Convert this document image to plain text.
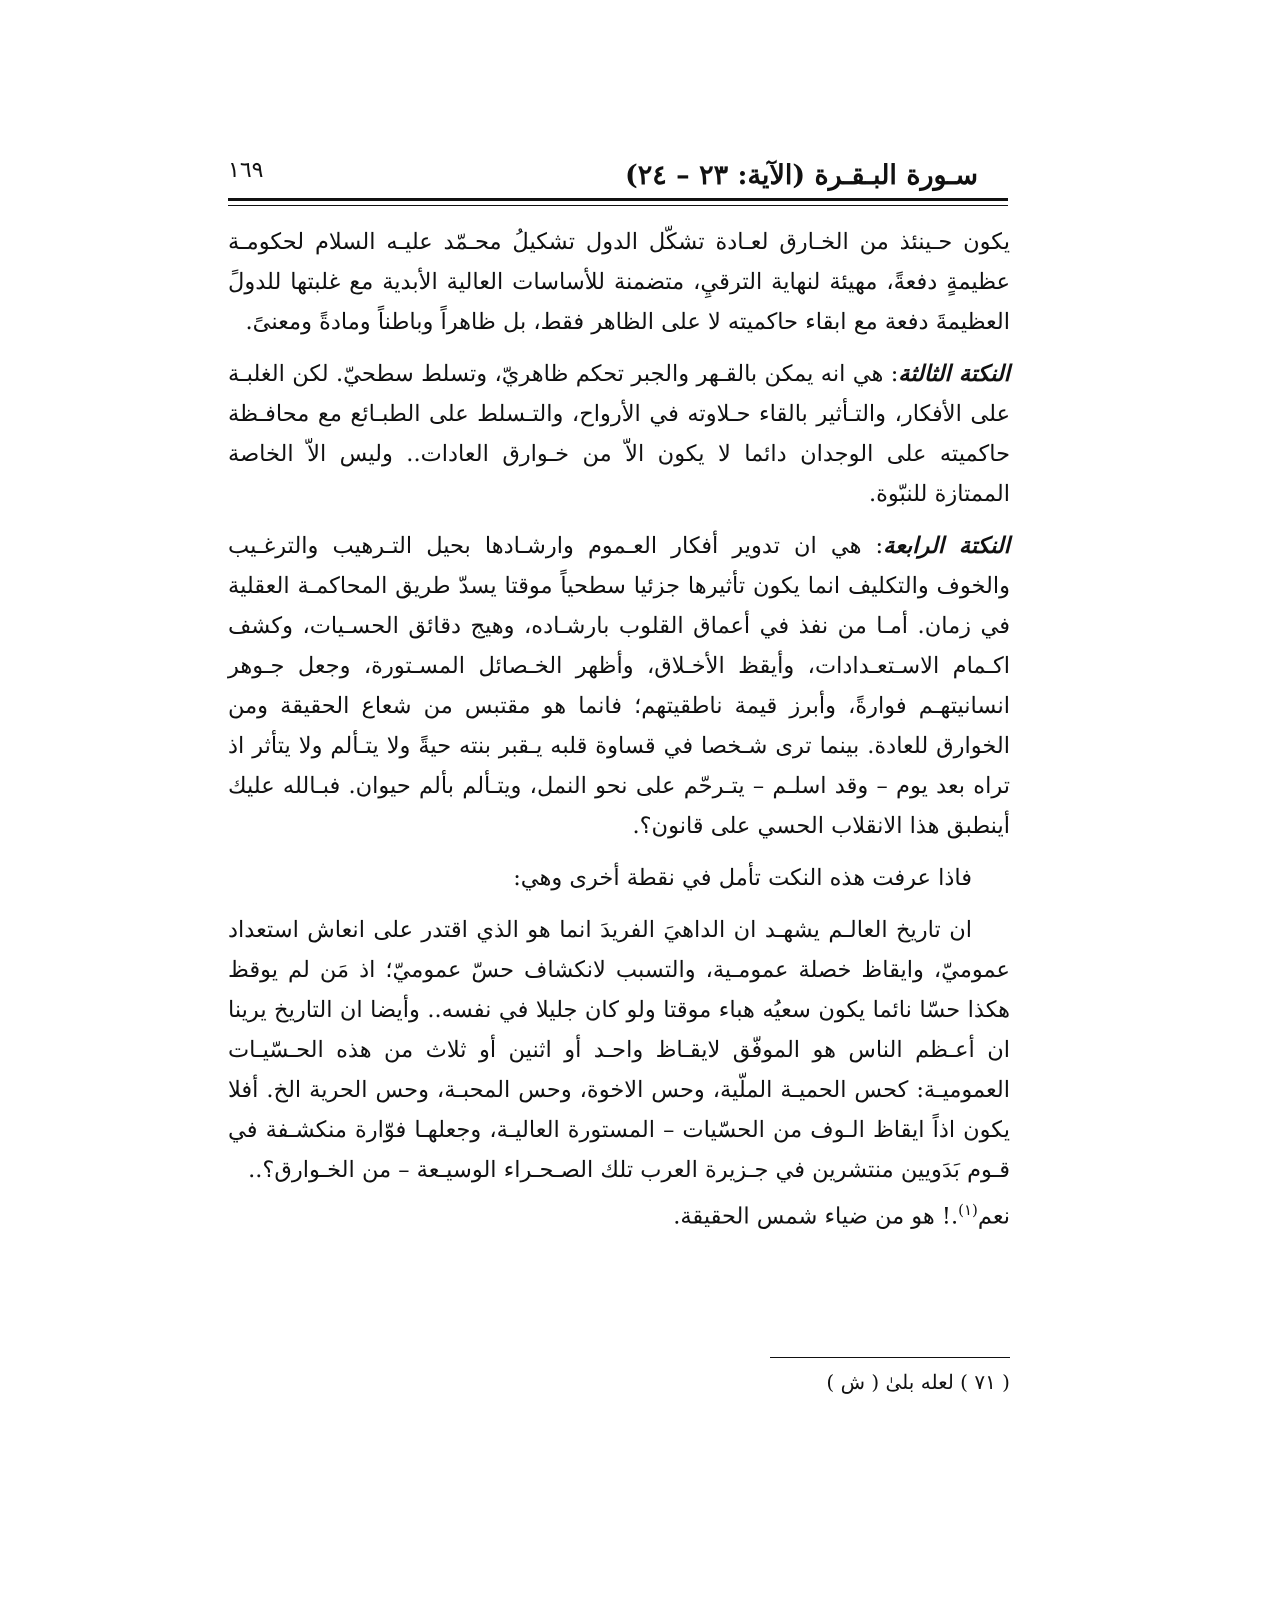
١٦٩	سـورة البـقـرة (الآية: ٢٣ – ٢٤)

يكون حـينئذ من الخـارق لعـادة تشكّل الدول تشكيلُ محـمّد عليـه السلام لحكومـة عظيمةٍ دفعةً، مهيئة لنهاية الترقيِ، متضمنة للأساسات العالية الأبدية مع غلبتها للدولً العظيمةَ دفعة مع ابقاء حاكميته لا على الظاهر فقط، بل ظاهراً وباطناً ومادةً ومعنىً.

النكتة الثالثة: هي انه يمكن بالقـهر والجبر تحكم ظاهريّ، وتسلط سطحيّ. لكن الغلبـة على الأفكار، والتـأثير بالقاء حـلاوته في الأرواح، والتـسلط على الطبـائع مع محافـظة حاكميته على الوجدان دائما لا يكون الاّ من خـوارق العادات.. وليس الاّ الخاصة الممتازة للنبّوة.

النكتة الرابعة: هي ان تدوير أفكار العـموم وارشـادها بحيل التـرهيب والترغـيب والخوف والتكليف انما يكون تأثيرها جزئيا سطحياً موقتا يسدّ طريق المحاكمـة العقلية في زمان. أمـا من نفذ في أعماق القلوب بارشـاده، وهيج دقائق الحسـيات، وكشف اكـمام الاسـتعـدادات، وأيقظ الأخـلاق، وأظهر الخـصائل المسـتورة، وجعل جـوهر انسانيتهـم فوارةً، وأبرز قيمة ناطقيتهم؛ فانما هو مقتبس من شعاع الحقيقة ومن الخوارق للعادة. بينما ترى شـخصا في قساوة قلبه يـقبر بنته حيةً ولا يتـألم ولا يتأثر اذ تراه بعد يوم – وقد اسلـم – يتـرحّم على نحو النمل، ويتـألم بألم حيوان. فبـالله عليك أينطبق هذا الانقلاب الحسي على قانون؟.

فاذا عرفت هذه النكت تأمل في نقطة أخرى وهي:

ان تاريخ العالـم يشهـد ان الداهيَ الفريدَ انما هو الذي اقتدر على انعاش استعداد عموميّ، وايقاظ خصلة عمومـية، والتسبب لانكشاف حسّ عموميّ؛ اذ مَن لم يوقظ هكذا حسّا نائما يكون سعيُه هباء موقتا ولو كان جليلا في نفسه.. وأيضا ان التاريخ يرينا ان أعـظم الناس هو الموفّق لايقـاظ واحـد أو اثنين أو ثلاث من هذه الحـسّيـات العموميـة: كحس الحميـة الملّية، وحس الاخوة، وحس المحبـة، وحس الحرية الخ. أفلا يكون اذاً ايقاظ الـوف من الحسّيات – المستورة العاليـة، وجعلهـا فوّارة منكشـفة في قـوم بَدَويين منتشرين في جـزيرة العرب تلك الصـحـراء الوسيـعة – من الخـوارق؟..

نعم$^{(١)}$.! هو من ضياء شمس الحقيقة.

( ٧١ ) لعله بلىٰ ( ش )
